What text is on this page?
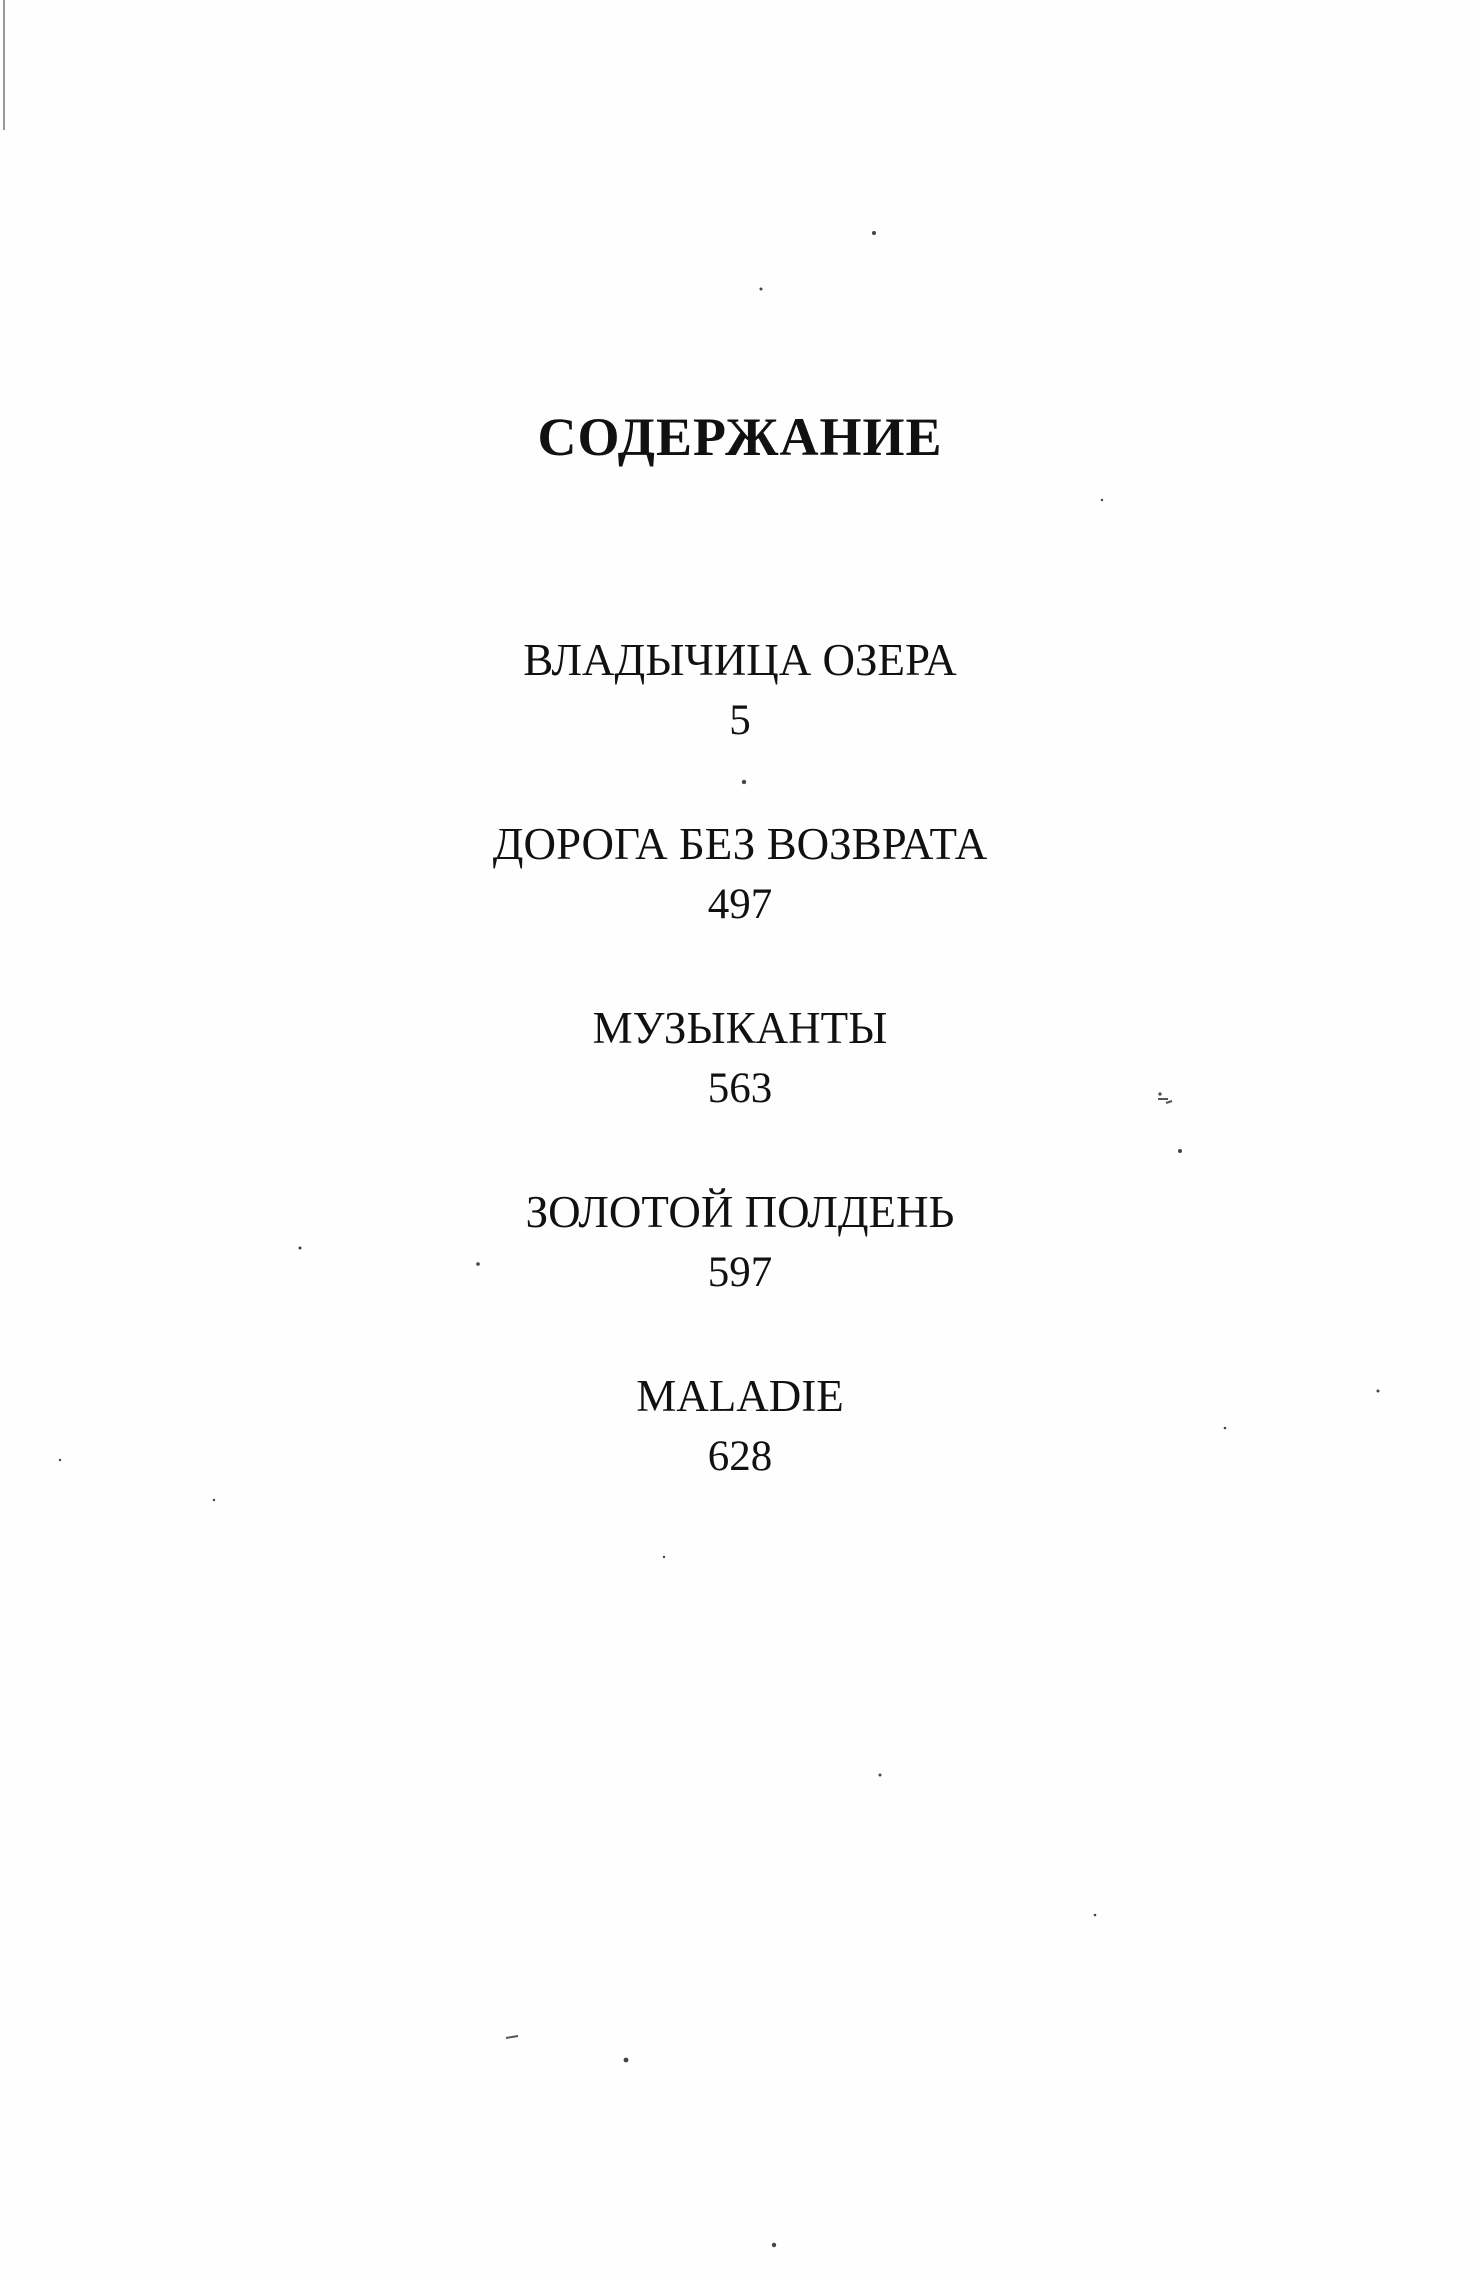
СОДЕРЖАНИЕ
ВЛАДЫЧИЦА ОЗЕРА
5
ДОРОГА БЕЗ ВОЗВРАТА
497
МУЗЫКАНТЫ
563
ЗОЛОТОЙ ПОЛДЕНЬ
597
MALADIE
628
